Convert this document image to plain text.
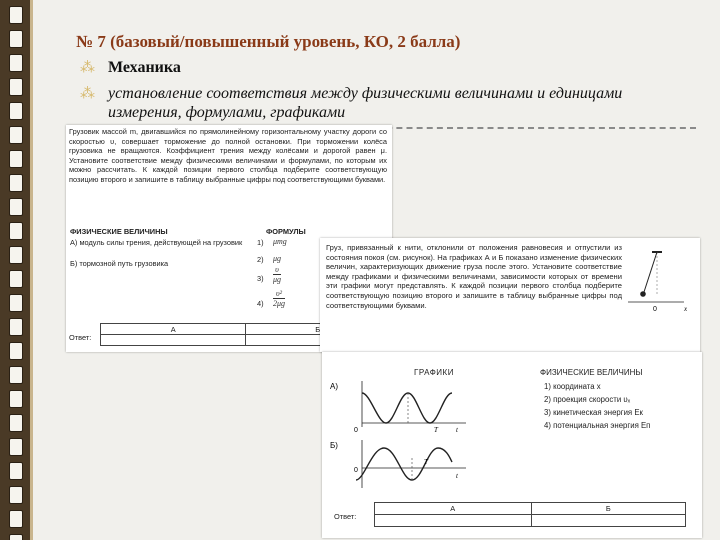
№ 7 (базовый/повышенный уровень, КО, 2 балла)
⁂ Механика
⁂ установление соответствия между физическими величинами и единицами измерения, формулами, графиками
Грузовик массой m, двигавшийся по прямолинейному горизонтальному участку дороги со скоростью υ, совершает торможение до полной остановки. При торможении колёса грузовика не вращаются. Коэффициент трения между колёсами и дорогой равен μ. Установите соответствие между физическими величинами и формулами, по которым их можно рассчитать. К каждой позиции первого столбца подберите соответствующую позицию второго и запишите в таблицу выбранные цифры под соответствующими буквами.
ФИЗИЧЕСКИЕ ВЕЛИЧИНЫ	ФОРМУЛЫ
А) модуль силы трения, действующей на грузовик
Б) тормозной путь грузовика
1) μmg
2) μg
$3) \frac{\upsilon}{\mu g}$
$4) \frac{\text{υ²}}{2\mu g}$
Ответ:
А	Б

Груз, привязанный к нити, отклонили от положения равновесия и отпустили из состояния покоя (см. рисунок). На графиках А и Б показано изменение физических величин, характеризующих движение груза после этого. Установите соответствие между графиками и физическими величинами, зависимости которых от времени эти графики могут представлять. К каждой позиции первого столбца подберите соответствующую позицию второго и запишите в таблицу выбранные цифры под соответствующими буквами.	0	x
ГРАФИКИ	ФИЗИЧЕСКИЕ ВЕЛИЧИНЫ
А)
0	T	t
Б)
0
T
t
1) координата x
2) проекция скорости υₓ
3) кинетическая энергия Eк
4) потенциальная энергия Eп
Ответ:
А	Б
